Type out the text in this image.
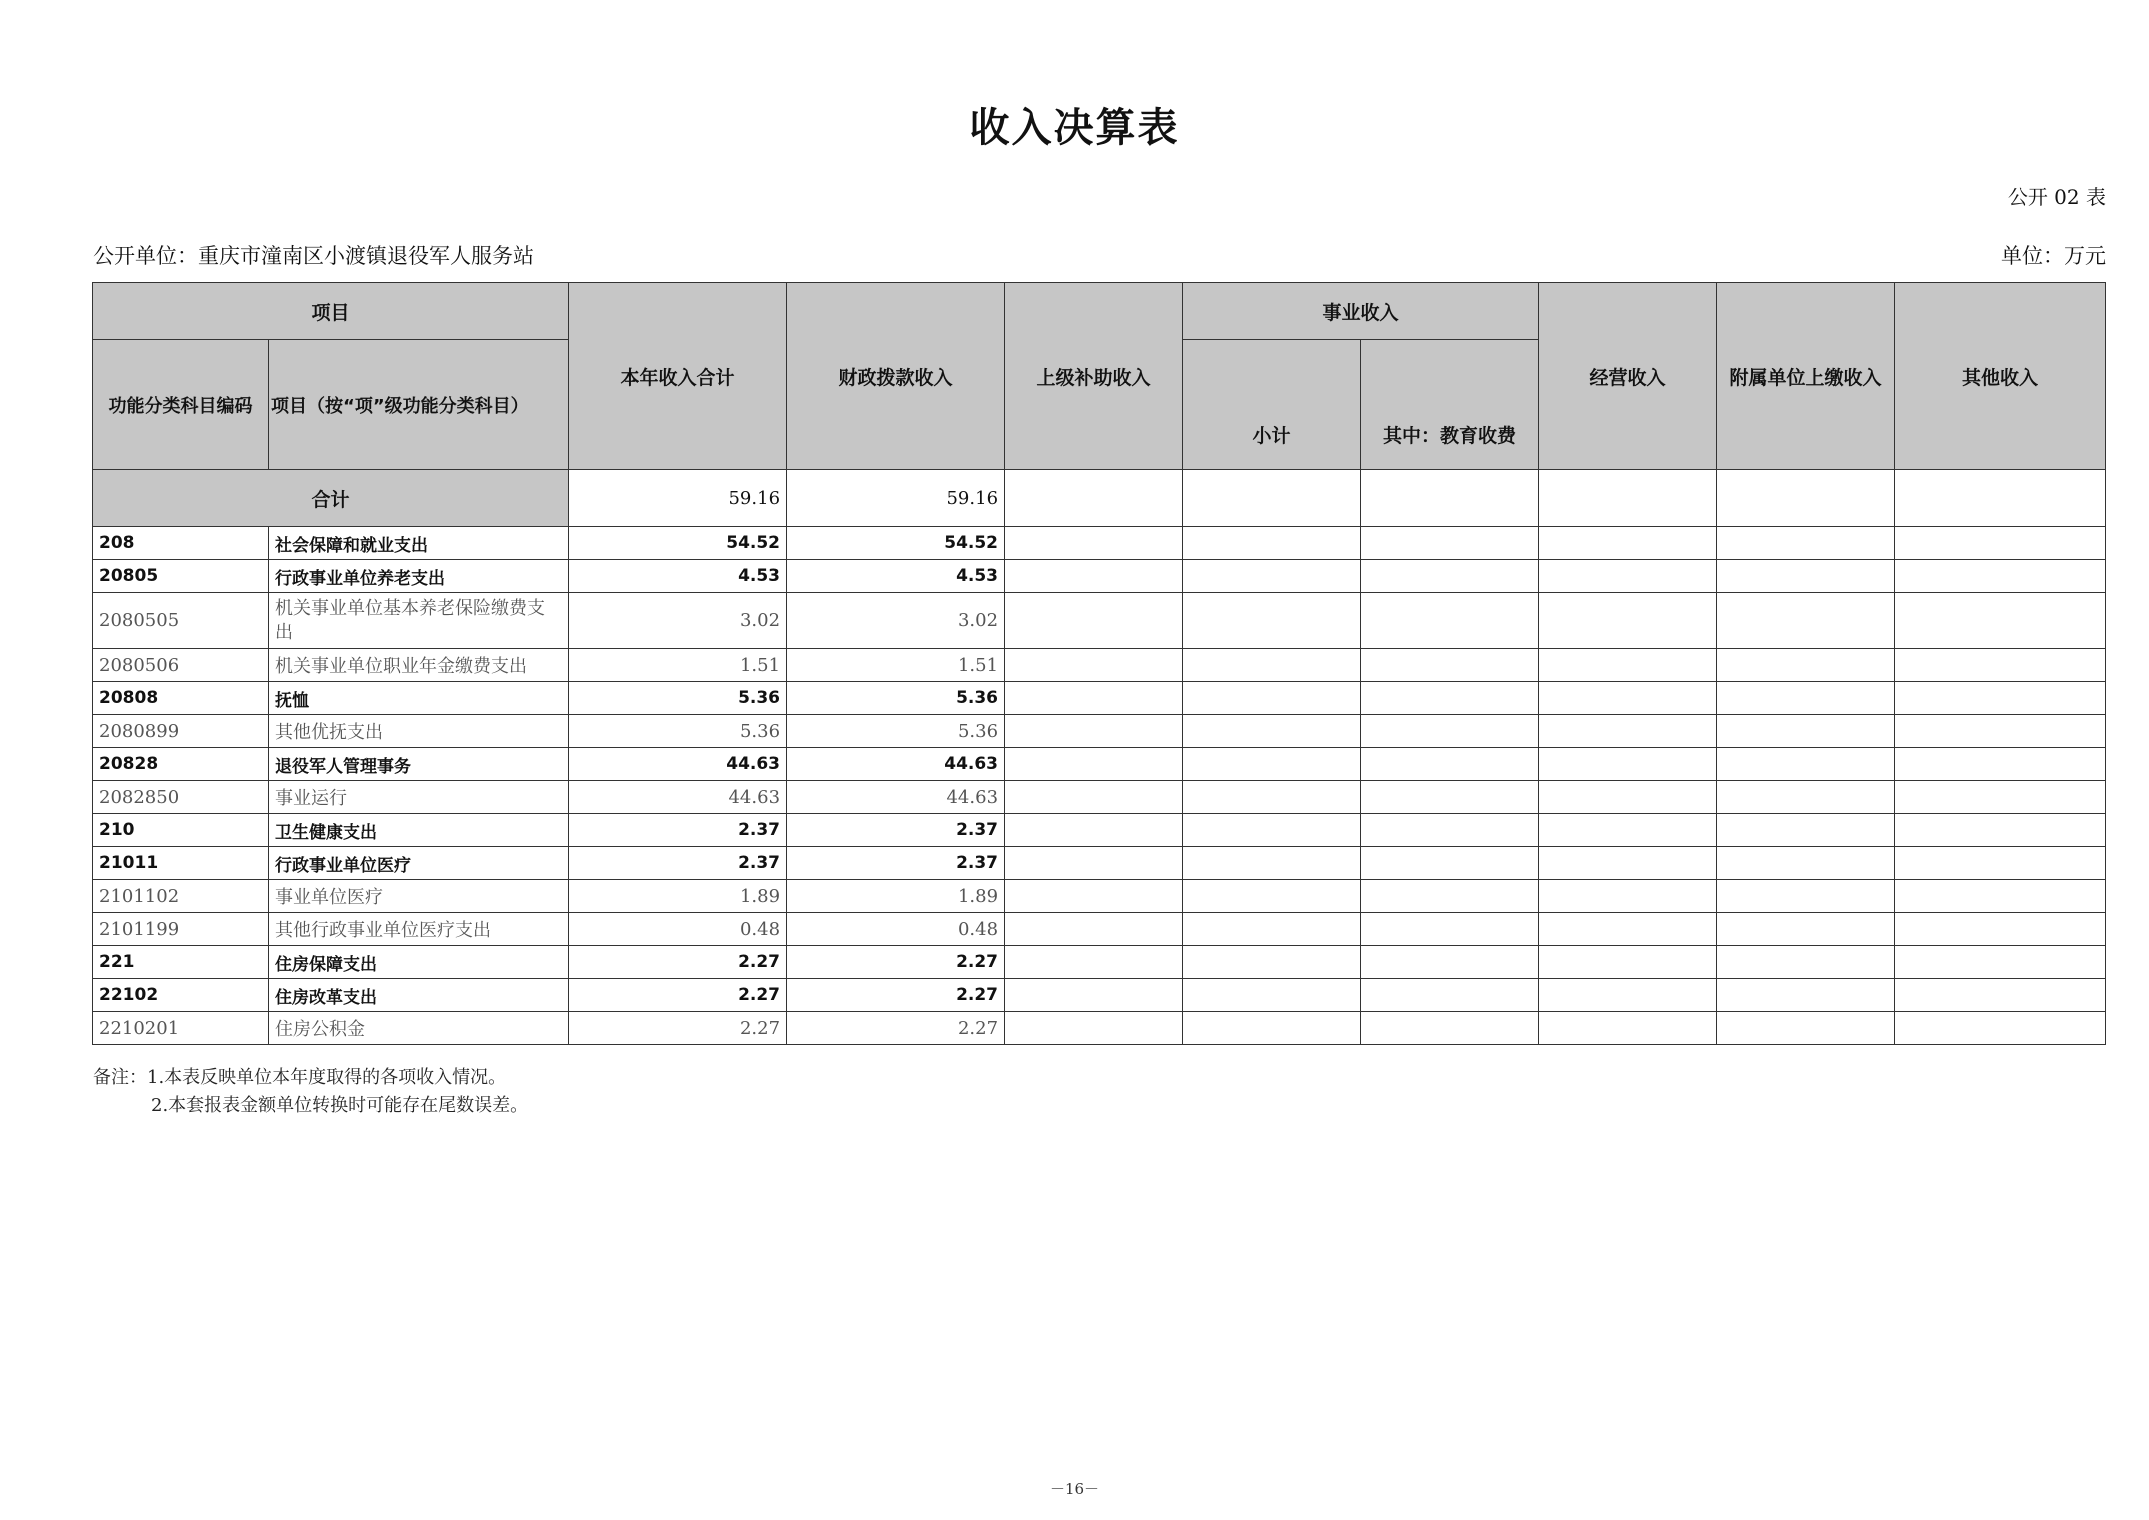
收入决算表
公开 02 表
公开单位：重庆市潼南区小渡镇退役军人服务站	单位：万元
项目		本年收入合计	财政拨款收入	上级补助收入	事业收入		经营收入	附属单位上缴收入	其他收入
功能分类科目编码	项目（按“项”级功能分类科目）				小计	其中：教育收费			
合计		59.16	59.16						
208	社会保障和就业支出	54.52	54.52						
20805	行政事业单位养老支出	4.53	4.53						
2080505	机关事业单位基本养老保险缴费支出	3.02	3.02						
2080506	机关事业单位职业年金缴费支出	1.51	1.51						
20808	抚恤	5.36	5.36						
2080899	其他优抚支出	5.36	5.36						
20828	退役军人管理事务	44.63	44.63						
2082850	事业运行	44.63	44.63						
210	卫生健康支出	2.37	2.37						
21011	行政事业单位医疗	2.37	2.37						
2101102	事业单位医疗	1.89	1.89						
2101199	其他行政事业单位医疗支出	0.48	0.48						
221	住房保障支出	2.27	2.27						
22102	住房改革支出	2.27	2.27						
2210201	住房公积金	2.27	2.27						
备注：1.本表反映单位本年度取得的各项收入情况。
2.本套报表金额单位转换时可能存在尾数误差。
－16－
